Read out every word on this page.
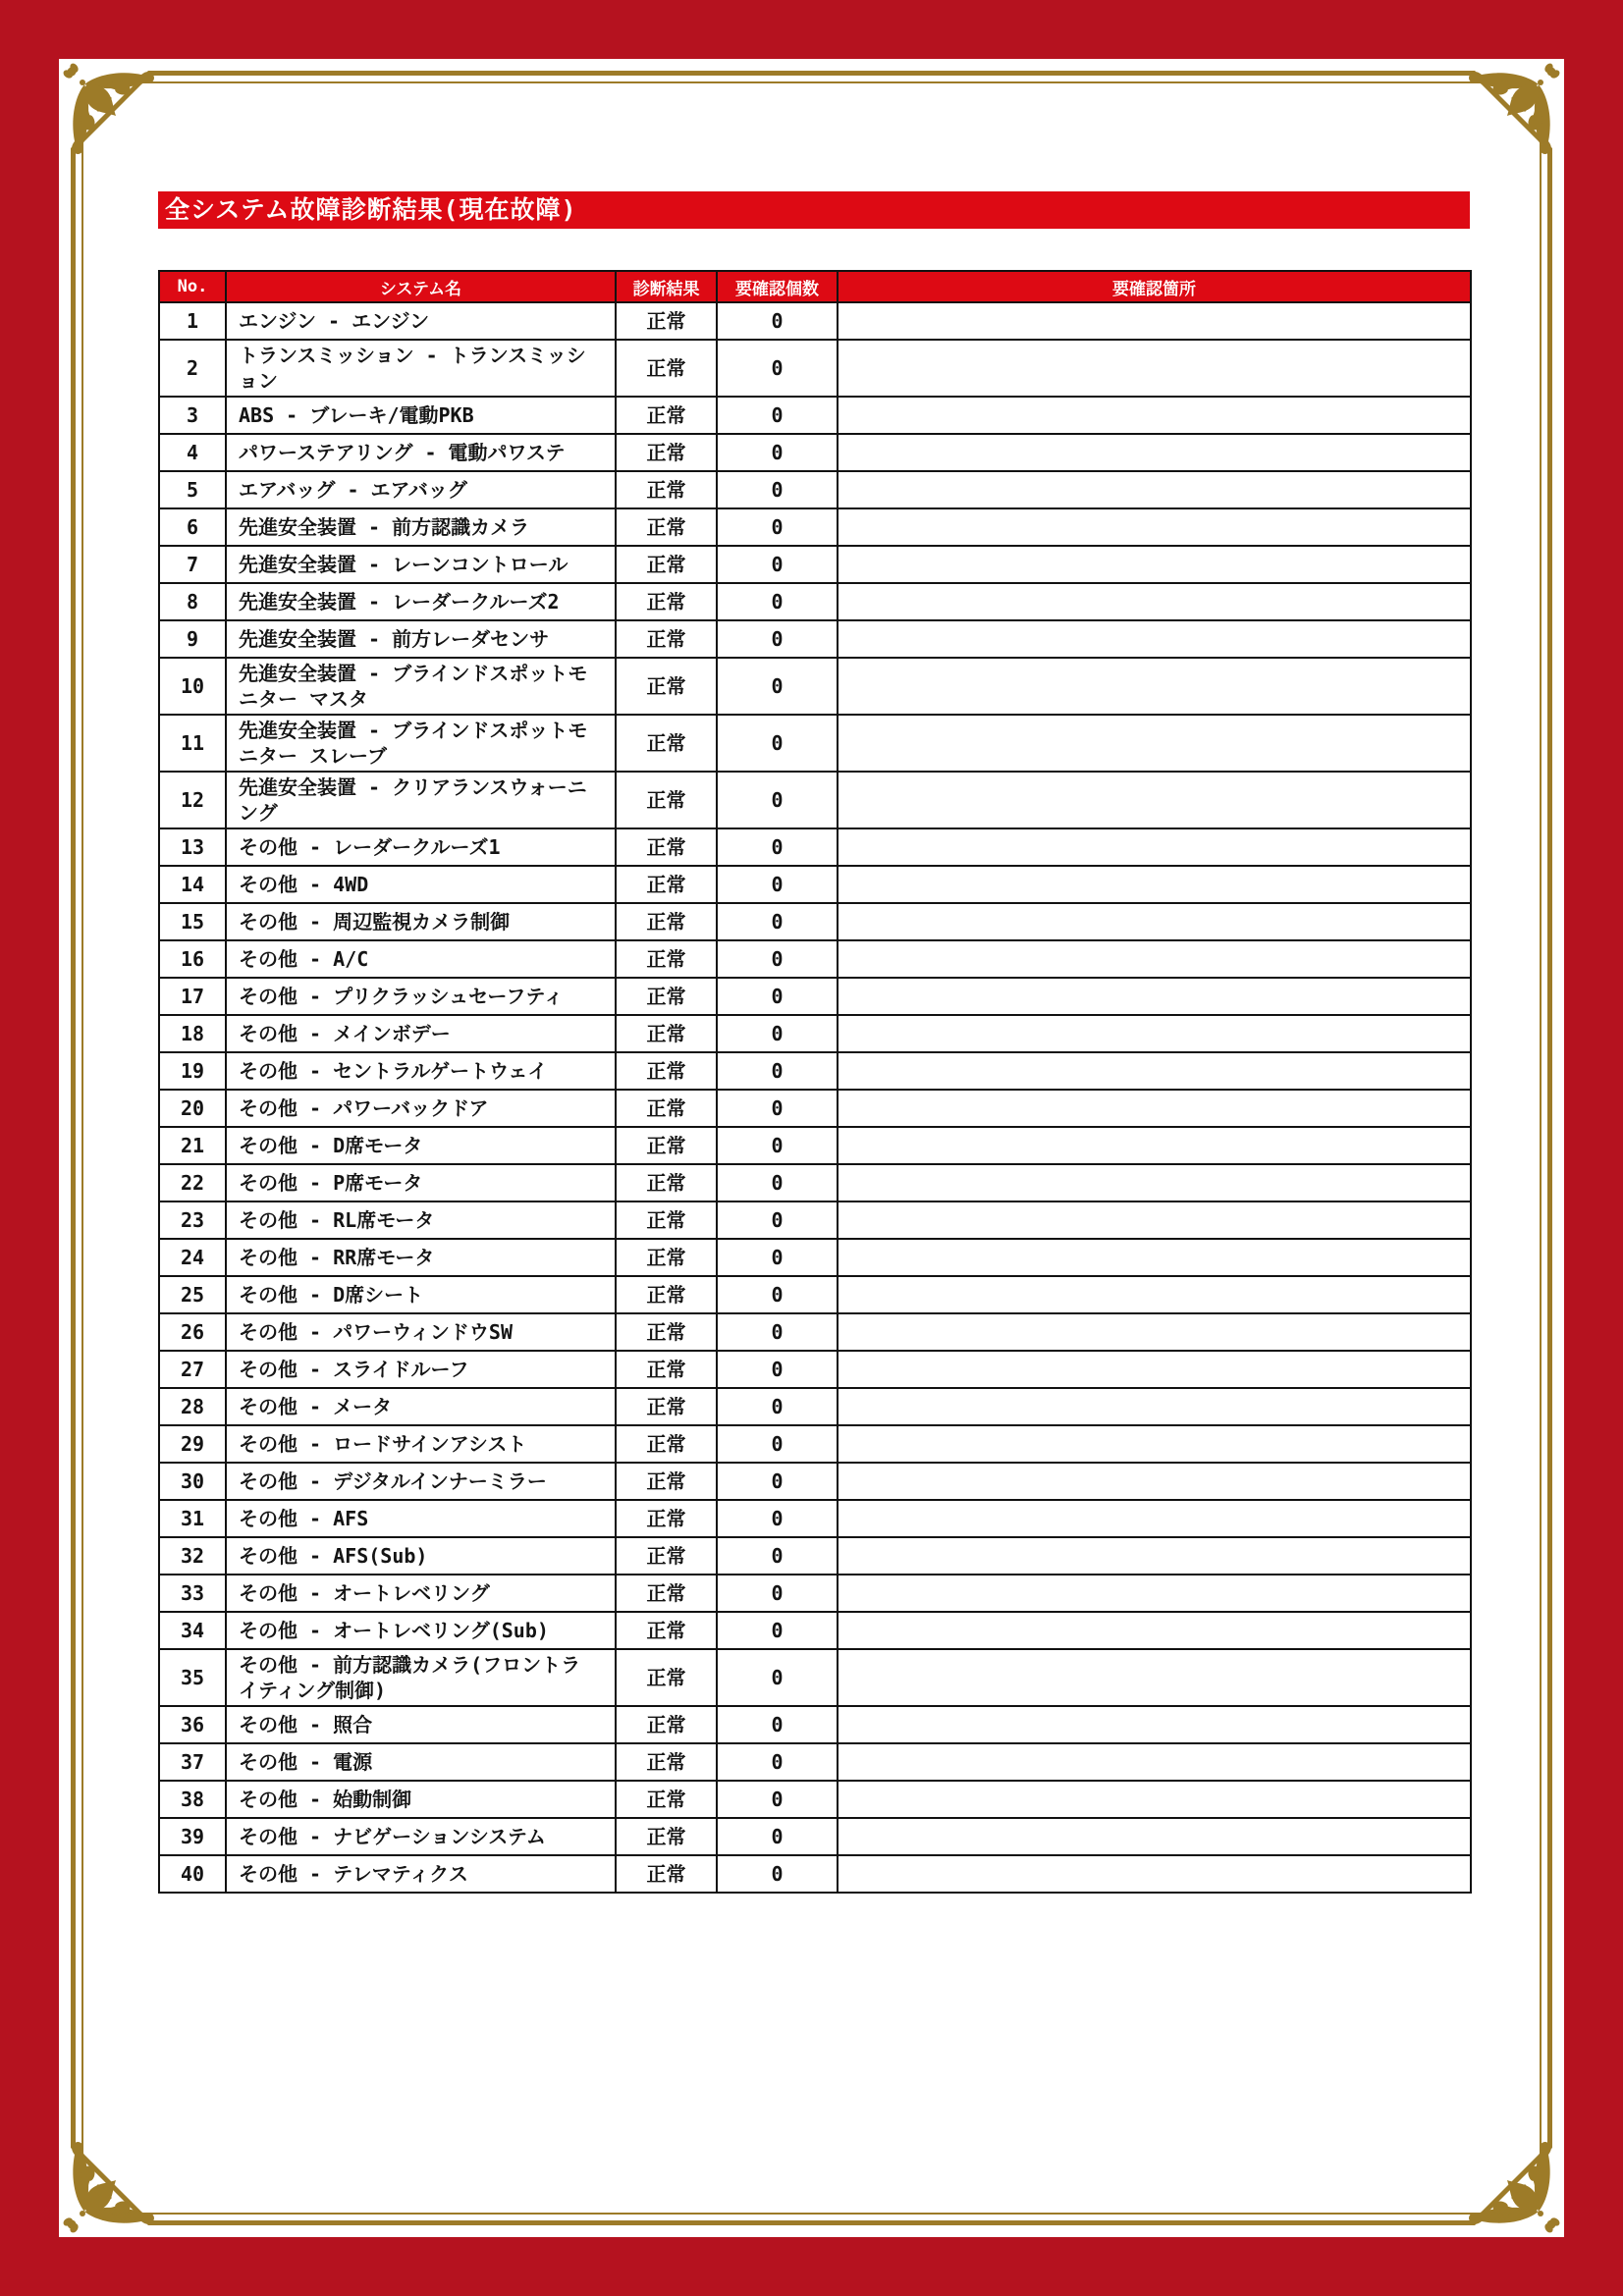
全システム故障診断結果(現在故障)
No.	システム名	診断結果	要確認個数	要確認箇所
1	エンジン - エンジン	正常	0	
2	トランスミッション - トランスミッション	正常	0	
3	ABS - ブレーキ/電動PKB	正常	0	
4	パワーステアリング - 電動パワステ	正常	0	
5	エアバッグ - エアバッグ	正常	0	
6	先進安全装置 - 前方認識カメラ	正常	0	
7	先進安全装置 - レーンコントロール	正常	0	
8	先進安全装置 - レーダークルーズ2	正常	0	
9	先進安全装置 - 前方レーダセンサ	正常	0	
10	先進安全装置 - ブラインドスポットモニター マスタ	正常	0	
11	先進安全装置 - ブラインドスポットモニター スレーブ	正常	0	
12	先進安全装置 - クリアランスウォーニング	正常	0	
13	その他 - レーダークルーズ1	正常	0	
14	その他 - 4WD	正常	0	
15	その他 - 周辺監視カメラ制御	正常	0	
16	その他 - A/C	正常	0	
17	その他 - プリクラッシュセーフティ	正常	0	
18	その他 - メインボデー	正常	0	
19	その他 - セントラルゲートウェイ	正常	0	
20	その他 - パワーバックドア	正常	0	
21	その他 - D席モータ	正常	0	
22	その他 - P席モータ	正常	0	
23	その他 - RL席モータ	正常	0	
24	その他 - RR席モータ	正常	0	
25	その他 - D席シート	正常	0	
26	その他 - パワーウィンドウSW	正常	0	
27	その他 - スライドルーフ	正常	0	
28	その他 - メータ	正常	0	
29	その他 - ロードサインアシスト	正常	0	
30	その他 - デジタルインナーミラー	正常	0	
31	その他 - AFS	正常	0	
32	その他 - AFS(Sub)	正常	0	
33	その他 - オートレベリング	正常	0	
34	その他 - オートレベリング(Sub)	正常	0	
35	その他 - 前方認識カメラ(フロントライティング制御)	正常	0	
36	その他 - 照合	正常	0	
37	その他 - 電源	正常	0	
38	その他 - 始動制御	正常	0	
39	その他 - ナビゲーションシステム	正常	0	
40	その他 - テレマティクス	正常	0	
